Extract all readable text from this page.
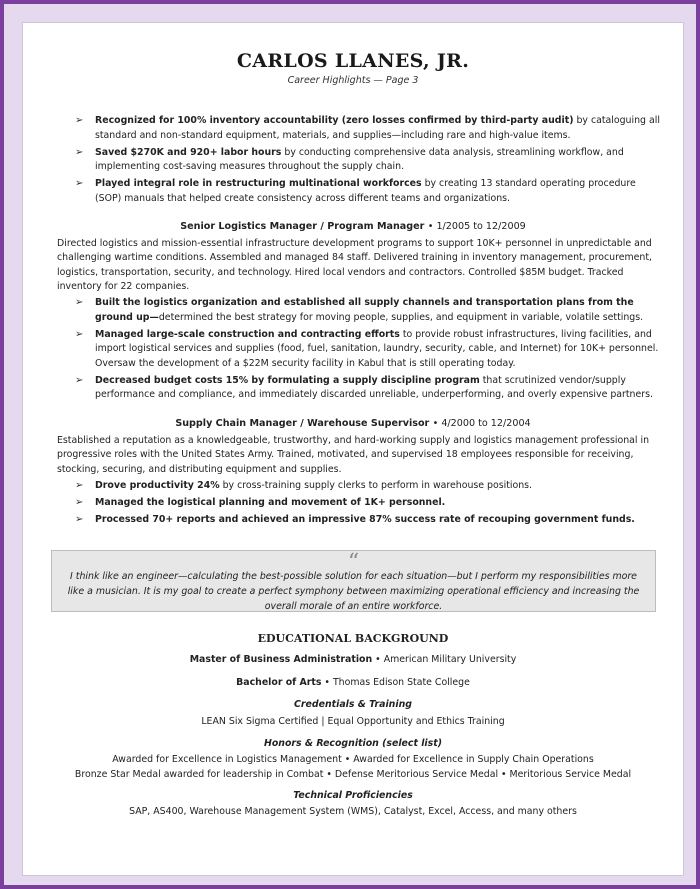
CARLOS LLANES, JR.
Career Highlights — Page 3
➢ Recognized for 100% inventory accountability (zero losses confirmed by third-party audit) by cataloguing all standard and non-standard equipment, materials, and supplies—including rare and high-value items.
➢ Saved $270K and 920+ labor hours by conducting comprehensive data analysis, streamlining workflow, and implementing cost-saving measures throughout the supply chain.
➢ Played integral role in restructuring multinational workforces by creating 13 standard operating procedure (SOP) manuals that helped create consistency across different teams and organizations.
Senior Logistics Manager / Program Manager • 1/2005 to 12/2009

Directed logistics and mission-essential infrastructure development programs to support 10K+ personnel in unpredictable and challenging wartime conditions. Assembled and managed 84 staff. Delivered training in inventory management, procurement, logistics, transportation, security, and technology. Hired local vendors and contractors. Controlled $85M budget. Tracked inventory for 22 companies.

➢ Built the logistics organization and established all supply channels and transportation plans from the ground up—determined the best strategy for moving people, supplies, and equipment in variable, volatile settings.
➢ Managed large-scale construction and contracting efforts to provide robust infrastructures, living facilities, and import logistical services and supplies (food, fuel, sanitation, laundry, security, cable, and Internet) for 10K+ personnel. Oversaw the development of a $22M security facility in Kabul that is still operating today.
➢ Decreased budget costs 15% by formulating a supply discipline program that scrutinized vendor/supply performance and compliance, and immediately discarded unreliable, underperforming, and overly expensive partners.
Supply Chain Manager / Warehouse Supervisor • 4/2000 to 12/2004

Established a reputation as a knowledgeable, trustworthy, and hard-working supply and logistics management professional in progressive roles with the United States Army. Trained, motivated, and supervised 18 employees responsible for receiving, stocking, securing, and distributing equipment and supplies.

➢ Drove productivity 24% by cross-training supply clerks to perform in warehouse positions.
➢ Managed the logistical planning and movement of 1K+ personnel.
➢ Processed 70+ reports and achieved an impressive 87% success rate of recouping government funds.
“
I think like an engineer—calculating the best-possible solution for each situation—but I perform my responsibilities more like a musician. It is my goal to create a perfect symphony between maximizing operational efficiency and increasing the overall morale of an entire workforce.
EDUCATIONAL BACKGROUND
Master of Business Administration • American Military University
Bachelor of Arts • Thomas Edison State College
Credentials & Training
LEAN Six Sigma Certified | Equal Opportunity and Ethics Training
Honors & Recognition (select list)
Awarded for Excellence in Logistics Management • Awarded for Excellence in Supply Chain Operations
Bronze Star Medal awarded for leadership in Combat • Defense Meritorious Service Medal • Meritorious Service Medal
Technical Proficiencies
SAP, AS400, Warehouse Management System (WMS), Catalyst, Excel, Access, and many others
